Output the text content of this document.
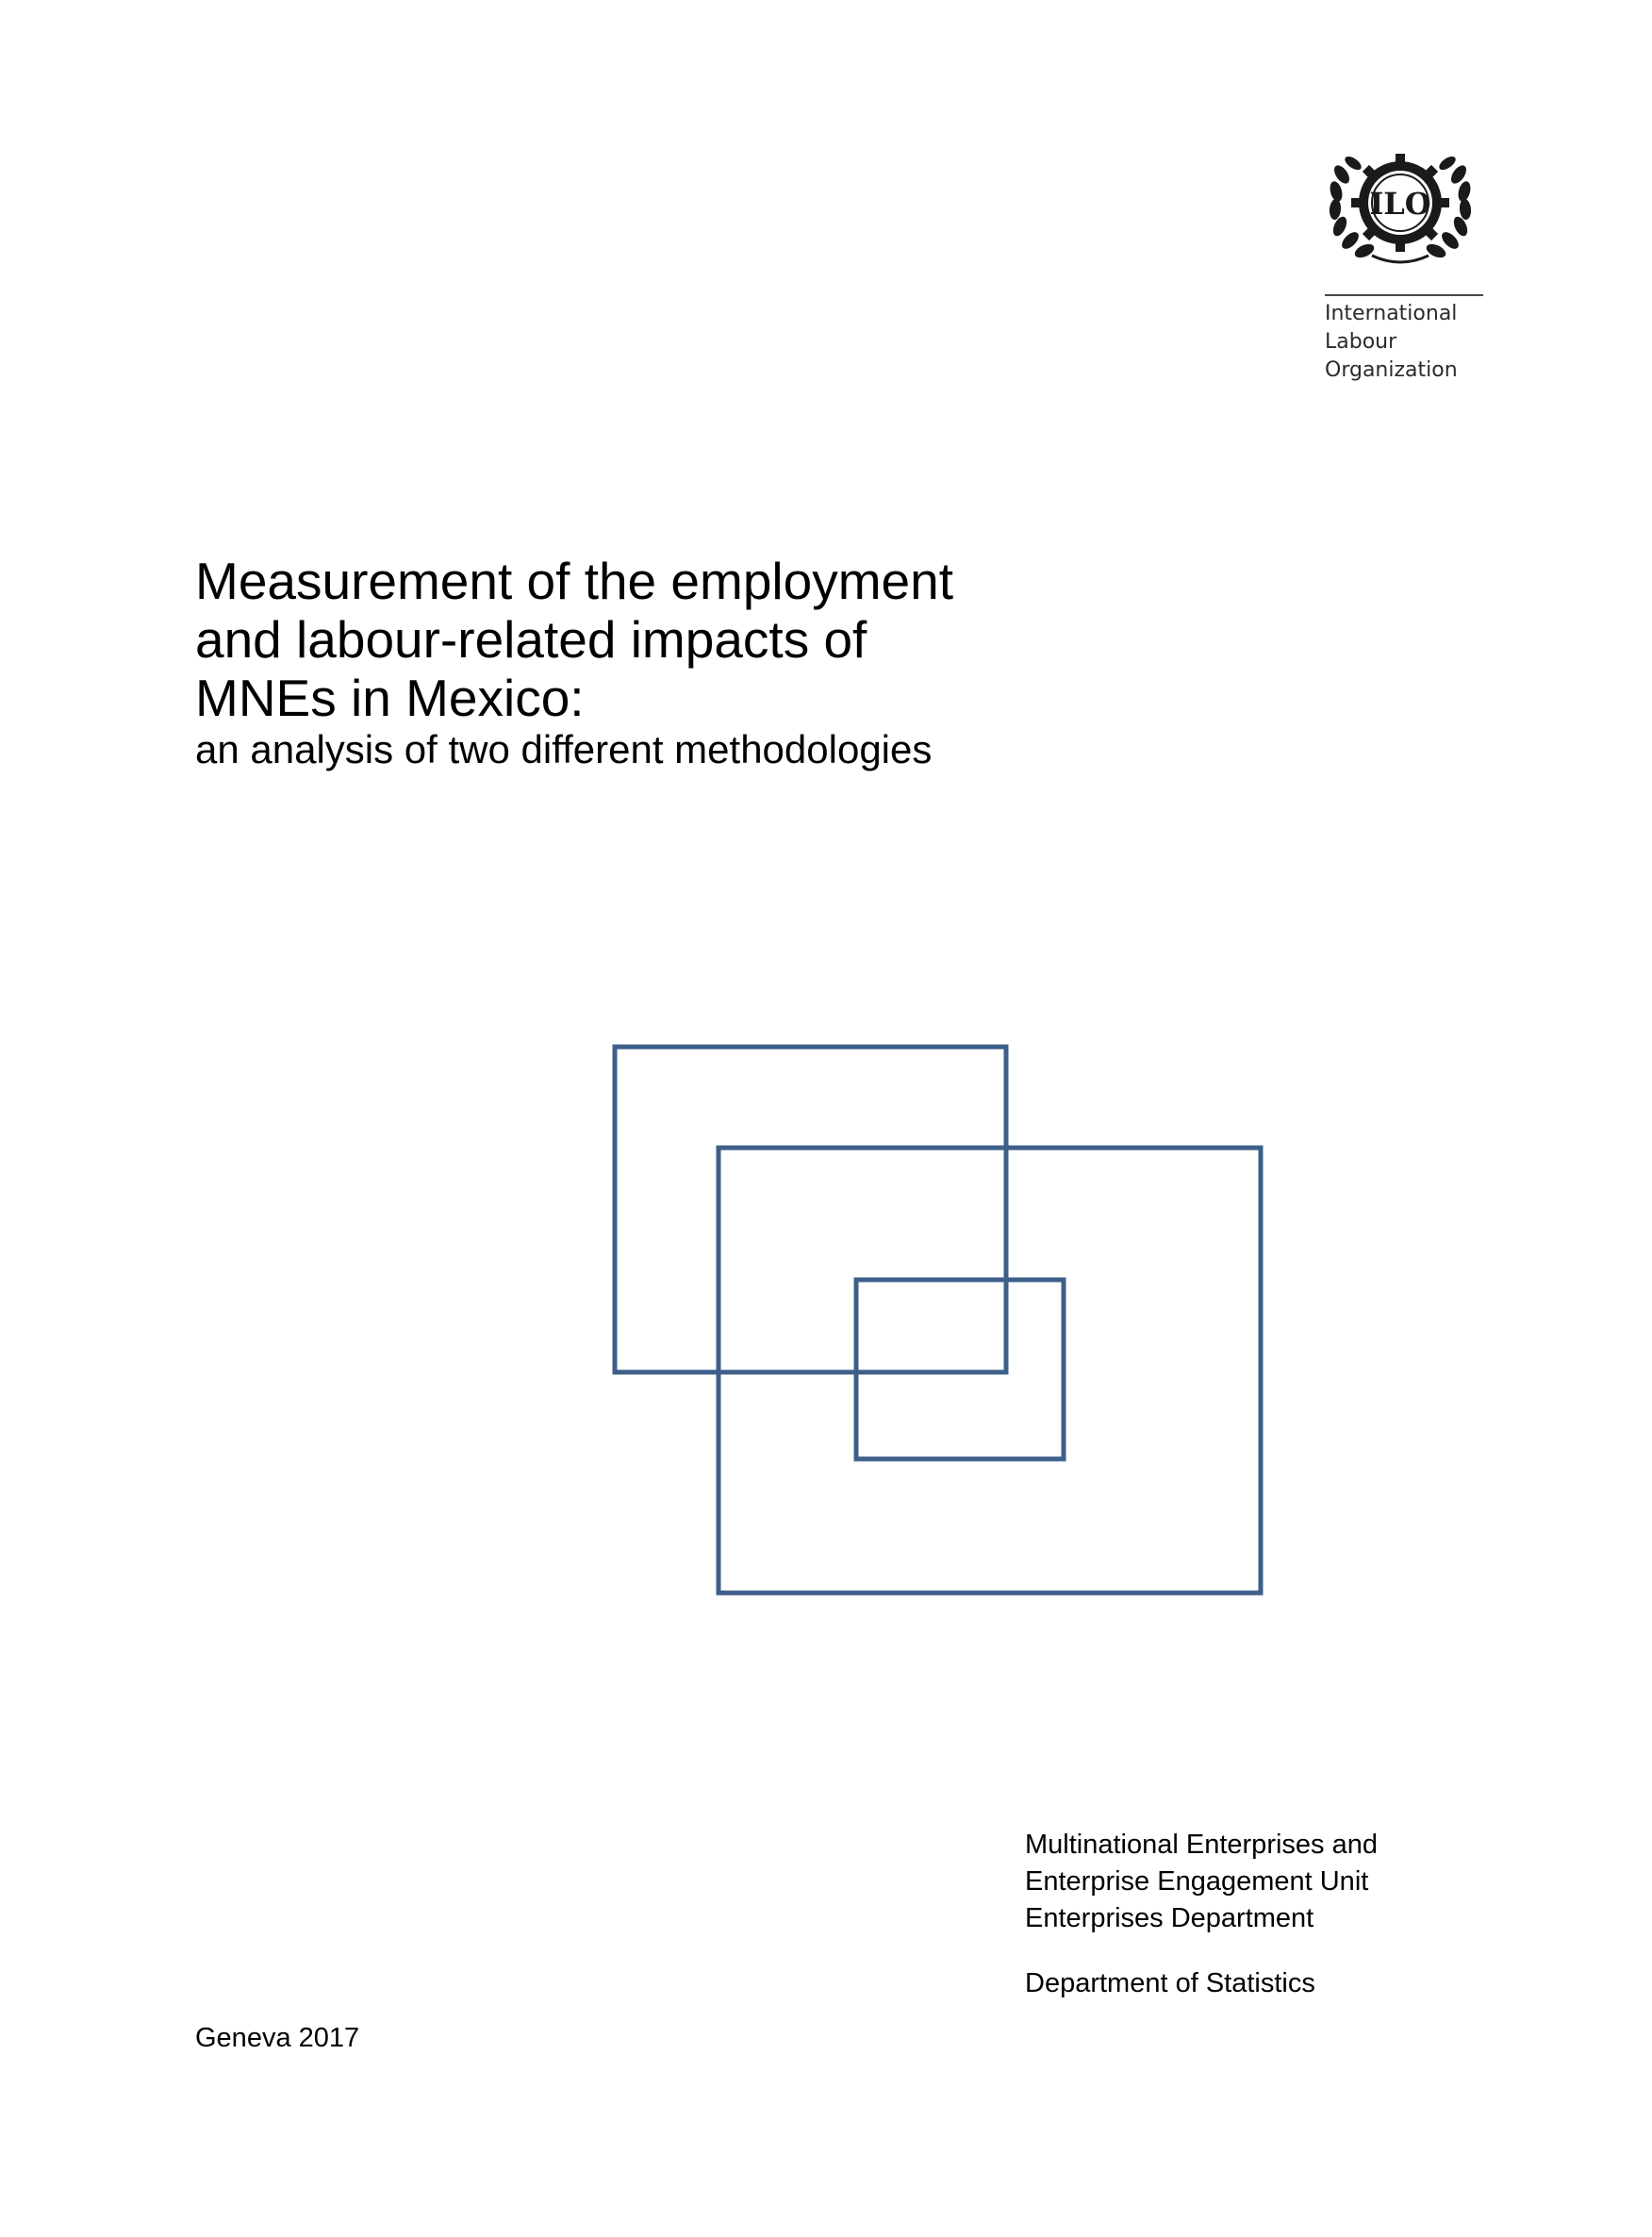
ILO
International
Labour
Organization
Measurement of the employment
and labour-related impacts of
MNEs in Mexico:
an analysis of two different methodologies
Multinational Enterprises and
Enterprise Engagement Unit
Enterprises Department
Department of Statistics
Geneva 2017
